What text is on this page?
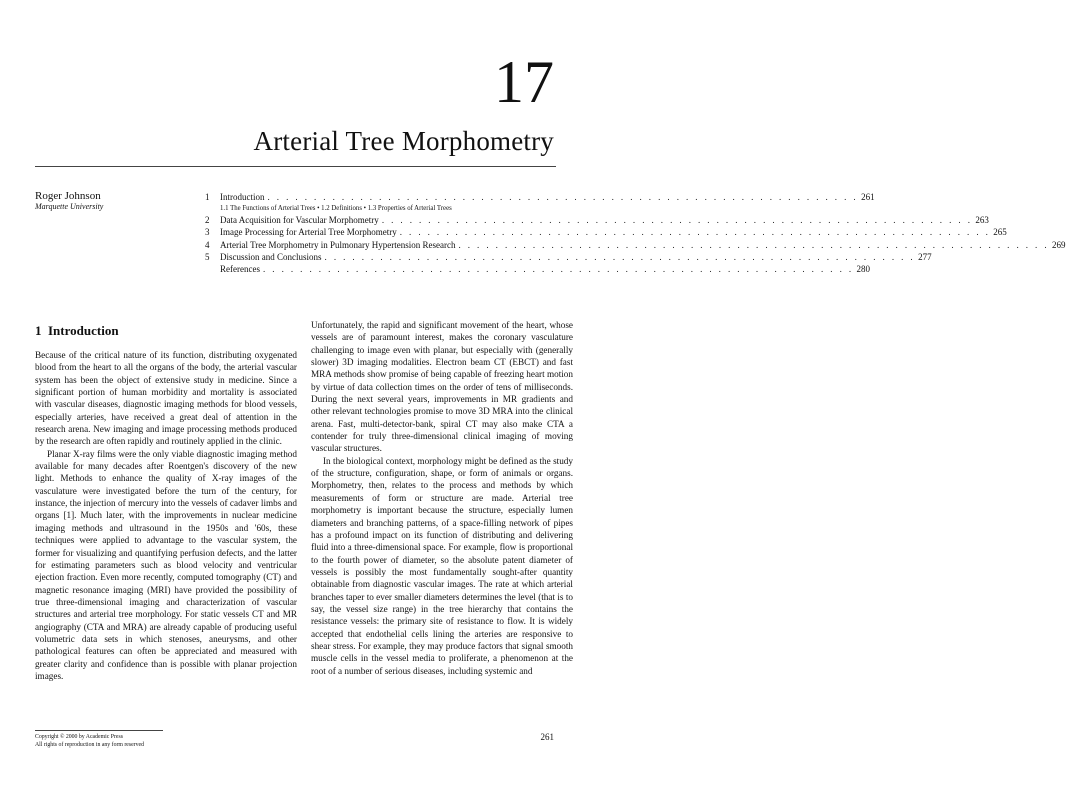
17
Arterial Tree Morphometry
Roger Johnson
Marquette University
1	Introduction . . . . . . . . . . . . . . . . . . . . . . . . . . . . . . . . . . . . . . . . . . . . . . . . . . . . . . . . . . . . . . . . 261
1.1 The Functions of Arterial Trees • 1.2 Definitions • 1.3 Properties of Arterial Trees
2	Data Acquisition for Vascular Morphometry . . . . . . . . . . . . . . . . . . . . . . . . . . . . . . . . . . . . . . . . . . . . . . . . . . . . . . . . . . . . . . . . 263
3	Image Processing for Arterial Tree Morphometry . . . . . . . . . . . . . . . . . . . . . . . . . . . . . . . . . . . . . . . . . . . . . . . . . . . . . . . . . . . . . . . . 265
4	Arterial Tree Morphometry in Pulmonary Hypertension Research . . . . . . . . . . . . . . . . . . . . . . . . . . . . . . . . . . . . . . . . . . . . . . . . . . . . . . . . . . . . . . . . 269
5	Discussion and Conclusions . . . . . . . . . . . . . . . . . . . . . . . . . . . . . . . . . . . . . . . . . . . . . . . . . . . . . . . . . . . . . . . . 277
References . . . . . . . . . . . . . . . . . . . . . . . . . . . . . . . . . . . . . . . . . . . . . . . . . . . . . . . . . . . . . . . . 280
1 Introduction

Because of the critical nature of its function, distributing oxygenated blood from the heart to all the organs of the body, the arterial vascular system has been the object of extensive study in medicine. Since a significant portion of human morbidity and mortality is associated with vascular diseases, diagnostic imaging methods for blood vessels, especially arteries, have received a great deal of attention in the research arena. New imaging and image processing methods produced by the research are often rapidly and routinely applied in the clinic.

Planar X-ray films were the only viable diagnostic imaging method available for many decades after Roentgen's discovery of the new light. Methods to enhance the quality of X-ray images of the vasculature were investigated before the turn of the century, for instance, the injection of mercury into the vessels of cadaver limbs and organs [1]. Much later, with the improvements in nuclear medicine imaging methods and ultrasound in the 1950s and '60s, these techniques were applied to advantage to the vascular system, the former for visualizing and quantifying perfusion defects, and the latter for estimating parameters such as blood velocity and ventricular ejection fraction. Even more recently, computed tomography (CT) and magnetic resonance imaging (MRI) have provided the possibility of true three-dimensional imaging and characterization of vascular structures and arterial tree morphology. For static vessels CT and MR angiography (CTA and MRA) are already capable of producing useful volumetric data sets in which stenoses, aneurysms, and other pathological features can often be appreciated and measured with greater clarity and confidence than is possible with planar projection images.

Unfortunately, the rapid and significant movement of the heart, whose vessels are of paramount interest, makes the coronary vasculature challenging to image even with planar, but especially with (generally slower) 3D imaging modalities. Electron beam CT (EBCT) and fast MRA methods show promise of being capable of freezing heart motion by virtue of data collection times on the order of tens of milliseconds. During the next several years, improvements in MR gradients and other relevant technologies promise to move 3D MRA into the clinical arena. Fast, multi-detector-bank, spiral CT may also make CTA a contender for truly three-dimensional clinical imaging of moving vascular structures.

In the biological context, morphology might be defined as the study of the structure, configuration, shape, or form of animals or organs. Morphometry, then, relates to the process and methods by which measurements of form or structure are made. Arterial tree morphometry is important because the structure, especially lumen diameters and branching patterns, of a space-filling network of pipes has a profound impact on its function of distributing and delivering fluid into a three-dimensional space. For example, flow is proportional to the fourth power of diameter, so the absolute patent diameter of vessels is possibly the most fundamentally sought-after quantity obtainable from diagnostic vascular images. The rate at which arterial branches taper to ever smaller diameters determines the level (that is to say, the vessel size range) in the tree hierarchy that contains the resistance vessels: the primary site of resistance to flow. It is widely accepted that endothelial cells lining the arteries are responsive to shear stress. For example, they may produce factors that signal smooth muscle cells in the vessel media to proliferate, a phenomenon at the root of a number of serious diseases, including systemic and

Copyright © 2000 by Academic Press
All rights of reproduction in any form reserved
261
